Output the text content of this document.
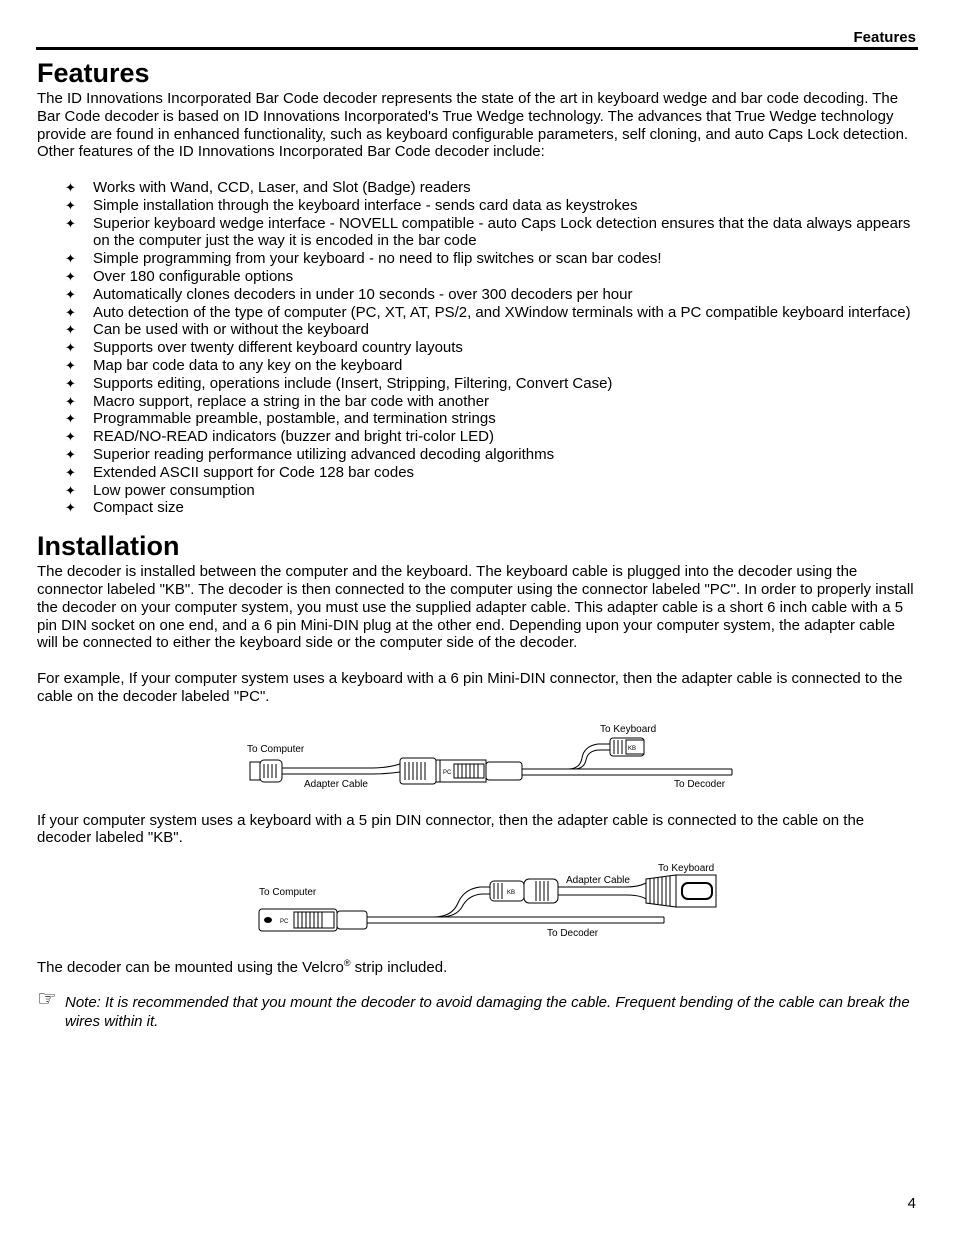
Features
Features

The ID Innovations Incorporated Bar Code decoder represents the state of the art in keyboard wedge and bar code decoding. The Bar Code decoder is based on ID Innovations Incorporated's True Wedge technology. The advances that True Wedge technology provide are found in enhanced functionality, such as keyboard configurable parameters, self cloning, and auto Caps Lock detection. Other features of the ID Innovations Incorporated Bar Code decoder include:

✦ Works with Wand, CCD, Laser, and Slot (Badge) readers
✦ Simple installation through the keyboard interface - sends card data as keystrokes
✦ Superior keyboard wedge interface - NOVELL compatible - auto Caps Lock detection ensures that the data always appears on the computer just the way it is encoded in the bar code
✦ Simple programming from your keyboard - no need to flip switches or scan bar codes!
✦ Over 180 configurable options
✦ Automatically clones decoders in under 10 seconds - over 300 decoders per hour
✦ Auto detection of the type of computer (PC, XT, AT, PS/2, and XWindow terminals with a PC compatible keyboard interface)
✦ Can be used with or without the keyboard
✦ Supports over twenty different keyboard country layouts
✦ Map bar code data to any key on the keyboard
✦ Supports editing, operations include (Insert, Stripping, Filtering, Convert Case)
✦ Macro support, replace a string in the bar code with another
✦ Programmable preamble, postamble, and termination strings
✦ READ/NO-READ indicators (buzzer and bright tri-color LED)
✦ Superior reading performance utilizing advanced decoding algorithms
✦ Extended ASCII support for Code 128 bar codes
✦ Low power consumption
✦ Compact size
Installation

The decoder is installed between the computer and the keyboard. The keyboard cable is plugged into the decoder using the connector labeled "KB". The decoder is then connected to the computer using the connector labeled "PC". In order to properly install the decoder on your computer system, you must use the supplied adapter cable. This adapter cable is a short 6 inch cable with a 5 pin DIN socket on one end, and a 6 pin Mini-DIN plug at the other end. Depending upon your computer system, the adapter cable will be connected to either the keyboard side or the computer side of the decoder.

For example, If your computer system uses a keyboard with a 6 pin Mini-DIN connector, then the adapter cable is connected to the cable on the decoder labeled "PC".

To Keyboard
To Computer
Adapter Cable
PC
KB
To Decoder

If your computer system uses a keyboard with a 5 pin DIN connector, then the adapter cable is connected to the cable on the decoder labeled "KB".

To Keyboard
Adapter Cable
To Computer
PC
KB
To Decoder

The decoder can be mounted using the Velcro® strip included.

☞ Note: It is recommended that you mount the decoder to avoid damaging the cable. Frequent bending of the cable can break the wires within it.
4
